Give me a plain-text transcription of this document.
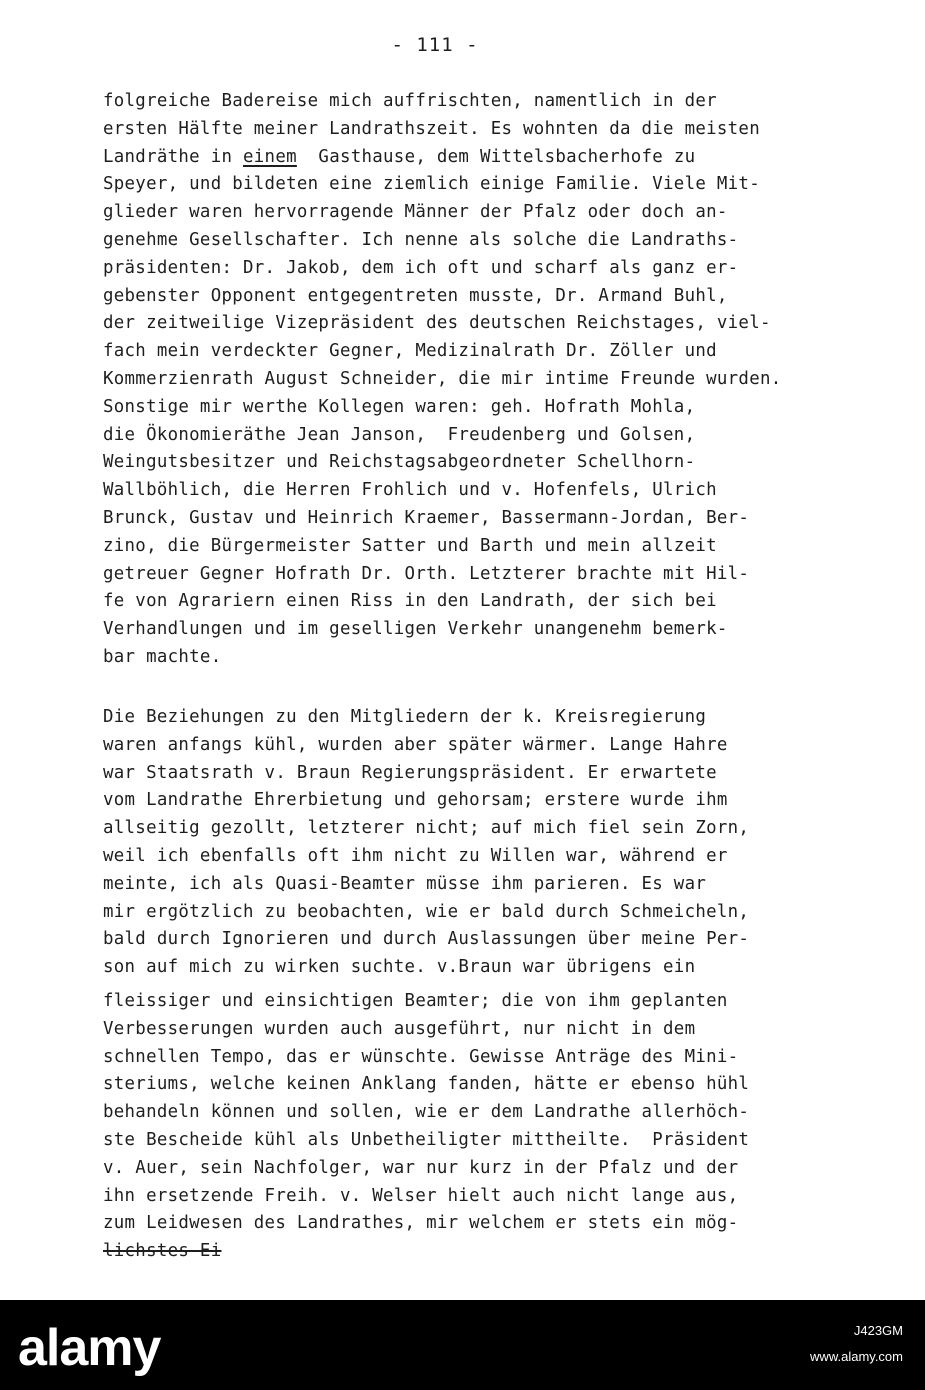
- 111 -
folgreiche Badereise mich auffrischten, namentlich in der
ersten Hälfte meiner Landrathszeit. Es wohnten da die meisten
Landräthe in einem Gasthause, dem Wittelsbacherhofe zu
Speyer, und bildeten eine ziemlich einige Familie. Viele Mit-
glieder waren hervorragende Männer der Pfalz oder doch an-
genehme Gesellschafter. Ich nenne als solche die Landraths-
präsidenten: Dr. Jakob, dem ich oft und scharf als ganz er-
gebenster Opponent entgegentreten musste, Dr. Armand Buhl,
der zeitweilige Vizepräsident des deutschen Reichstages, viel-
fach mein verdeckter Gegner, Medizinalrath Dr. Zöller und
Kommerzienrath August Schneider, die mir intime Freunde wurden.
Sonstige mir werthe Kollegen waren: geh. Hofrath Mohla,
die Ökonomieräthe Jean Janson,  Freudenberg und Golsen,
Weingutsbesitzer und Reichstagsabgeordneter Schellhorn-
Wallböhlich, die Herren Frohlich und v. Hofenfels, Ulrich
Brunck, Gustav und Heinrich Kraemer, Bassermann-Jordan, Ber-
zino, die Bürgermeister Satter und Barth und mein allzeit
getreuer Gegner Hofrath Dr. Orth. Letzterer brachte mit Hil-
fe von Agrariern einen Riss in den Landrath, der sich bei
Verhandlungen und im geselligen Verkehr unangenehm bemerk-
bar machte.
Die Beziehungen zu den Mitgliedern der k. Kreisregierung
waren anfangs kühl, wurden aber später wärmer. Lange Hahre
war Staatsrath v. Braun Regierungspräsident. Er erwartete
vom Landrathe Ehrerbietung und gehorsam; erstere wurde ihm
allseitig gezollt, letzterer nicht; auf mich fiel sein Zorn,
weil ich ebenfalls oft ihm nicht zu Willen war, während er
meinte, ich als Quasi-Beamter müsse ihm parieren. Es war
mir ergötzlich zu beobachten, wie er bald durch Schmeicheln,
bald durch Ignorieren und durch Auslassungen über meine Per-
son auf mich zu wirken suchte. v.Braun war übrigens ein
fleissiger und einsichtigen Beamter; die von ihm geplanten
Verbesserungen wurden auch ausgeführt, nur nicht in dem
schnellen Tempo, das er wünschte. Gewisse Anträge des Mini-
steriums, welche keinen Anklang fanden, hätte er ebenso hühl
behandeln können und sollen, wie er dem Landrathe allerhöch-
ste Bescheide kühl als Unbetheiligter mittheilte.  Präsident
v. Auer, sein Nachfolger, war nur kurz in der Pfalz und der
ihn ersetzende Freih. v. Welser hielt auch nicht lange aus,
zum Leidwesen des Landrathes, mir welchem er stets ein mög-
lichstes Ei
alamy	J423GM
www.alamy.com
